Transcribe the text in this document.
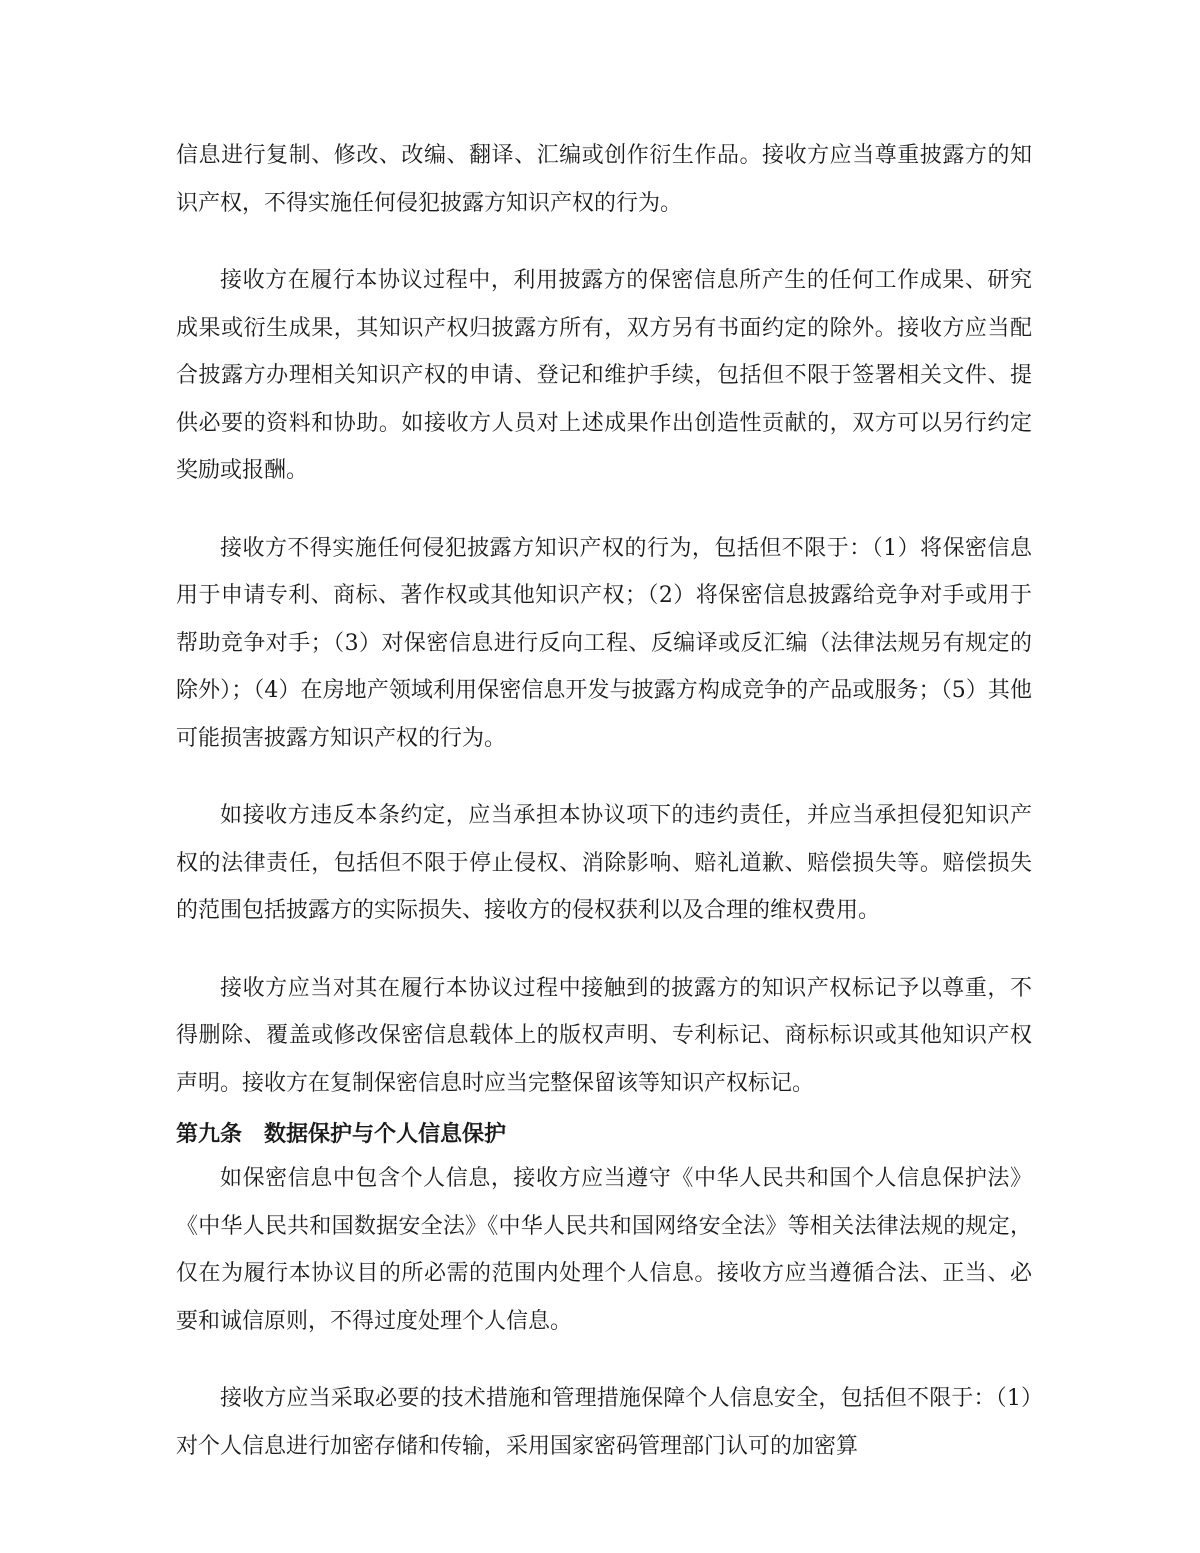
信息进行复制、修改、改编、翻译、汇编或创作衍生作品。接收方应当尊重披露方的知识产权，不得实施任何侵犯披露方知识产权的行为。

接收方在履行本协议过程中，利用披露方的保密信息所产生的任何工作成果、研究成果或衍生成果，其知识产权归披露方所有，双方另有书面约定的除外。接收方应当配合披露方办理相关知识产权的申请、登记和维护手续，包括但不限于签署相关文件、提供必要的资料和协助。如接收方人员对上述成果作出创造性贡献的，双方可以另行约定奖励或报酬。

接收方不得实施任何侵犯披露方知识产权的行为，包括但不限于：（1）将保密信息用于申请专利、商标、著作权或其他知识产权；（2）将保密信息披露给竞争对手或用于帮助竞争对手；（3）对保密信息进行反向工程、反编译或反汇编（法律法规另有规定的除外）；（4）在房地产领域利用保密信息开发与披露方构成竞争的产品或服务；（5）其他可能损害披露方知识产权的行为。

如接收方违反本条约定，应当承担本协议项下的违约责任，并应当承担侵犯知识产权的法律责任，包括但不限于停止侵权、消除影响、赔礼道歉、赔偿损失等。赔偿损失的范围包括披露方的实际损失、接收方的侵权获利以及合理的维权费用。

接收方应当对其在履行本协议过程中接触到的披露方的知识产权标记予以尊重，不得删除、覆盖或修改保密信息载体上的版权声明、专利标记、商标标识或其他知识产权声明。接收方在复制保密信息时应当完整保留该等知识产权标记。

第九条　数据保护与个人信息保护

如保密信息中包含个人信息，接收方应当遵守《中华人民共和国个人信息保护法》《中华人民共和国数据安全法》《中华人民共和国网络安全法》等相关法律法规的规定，仅在为履行本协议目的所必需的范围内处理个人信息。接收方应当遵循合法、正当、必要和诚信原则，不得过度处理个人信息。

接收方应当采取必要的技术措施和管理措施保障个人信息安全，包括但不限于：（1）对个人信息进行加密存储和传输，采用国家密码管理部门认可的加密算
